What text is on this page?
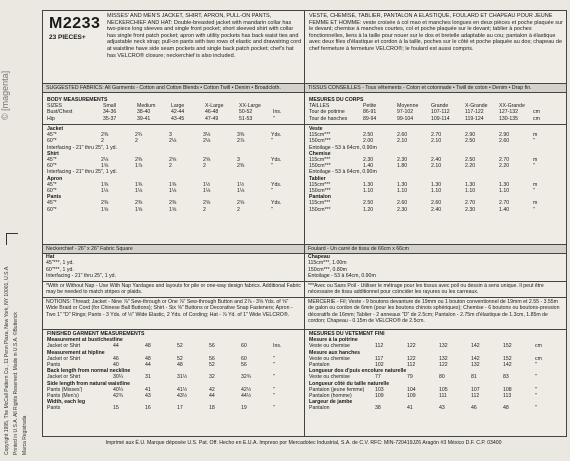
Copyright 1995, The McCall Pattern Co., 11 Penn Plaza, New York, NY 10001, U.S.A. Printed in U.S.A. All Rights Reserved. Made in U.S.A. ©Butterick Marca Registrada
© [magenta]
M2233
23 PIECES+
MISSES' AND MEN'S JACKET, SHIRT, APRON, PULL-ON PANTS, NECKERCHIEF AND HAT: Double-breasted jacket with mandarin collar has two-piece long sleeves and single front pocket; short sleeved shirt with collar has single front patch pocket; apron with utility pockets has back waist ties and adjustable neck strap; pull-on pants with two rows of elastic and drawstring cord at waistline have side seam pockets and single back patch pocket; chef's hat has VELCRO® closure; neckerchief is also included.
SUGGESTED FABRICS: All Garments - Cotton and Cotton Blends • Cotton Twill • Denim • Broadcloth.
BODY MEASUREMENTS						
SIZES	Small	Medium	Large	X-Large	XX-Large	
Bust/Chest	34-36	38-40	42-44	46-48	50-52	Ins.
Hip	35-37	39-41	43-45	47-49	51-53	"
Jacket						
45"*	2⅜	2¾	3	3⅛	3⅜	Yds.
60"*	2	2	2⅛	2⅛	2⅞	"
Interfacing - 21" thru 25", 1 yd.						
Shirt						
45"*	2⅛	2⅜	2⅝	2⅝	3	Yds.
60"*	1⅝	1⅞	2	2	2⅜	"
Interfacing - 21" thru 25", 1 yd.						
Apron						
45"*	1⅜	1⅜	1⅜	1½	1½	Yds.
60"*	1⅛	1⅛	1⅛	1⅛	1⅛	"
Pants						
45"*	2⅜	2⅜	2⅜	2⅝	2⅝	Yds.
60"*	1⅝	1⅝	1⅝	2	2	"
Neckerchief - 26" x 26" Fabric Square
Hat
45"***, 1 yd.
60"***, 1 yd.
Interfacing - 21" thru 25", 1 yd.
*With or Without Nap - Use With Nap Yardages and layouts for pile or one-way design fabrics. Additional Fabric may be needed to match stripes or plaids.
NOTIONS: Thread; Jacket - Nine ⅞" Sew-through or One ⅞" Sew-through Button and 2⅞ - 3⅝ Yds. of ⅝" Wide Braid or Cord (for Chinese Ball Buttons); Shirt - Six ⅝" Buttons or Decorative Snap Fasteners; Apron - Two 1" "D" Rings; Pants - 3 Yds. of ½" Wide Elastic, 2 Yds. of Cording; Hat - ⅞ Yd. of 1" Wide VELCRO®.
FINISHED GARMENT MEASUREMENTS						
Measurement at bust/chestline						
Jacket or Shirt	44	48	52	56	60	Ins.
Measurement at hipline						
Jacket or Shirt	46	48	52	56	60	"
Pants	40	44	48	52	56	"
Back length from normal neckline						
Jacket or Shirt	30¼	31	31½	32	32¾	"
Side length from natural waistline						
Pants (Misses')	40¼	41	41½	42	42½	"
Pants (Men's)	42¾	43	43½	44	44½	"
Width, each leg						
Pants	15	16	17	18	19	"
VESTE, CHEMISE, TABLIER, PANTALON A ELASTIQUE, FOULARD ET CHAPEAU POUR JEUNE FEMME ET HOMME: veste croisée à col mao et manches longues en deux pièces et poche plaquée sur le devant; chemise à manches courtes, col et poche plaquée sur le devant; tablier à poches fonctionnelles, liens à la taille pour nouer sur le dos et bretelle adaptable au cou; pantalon à élastique avec deux files d'élastique et cordon à la taille, poches sur le côté et poche plaquée au dos; chapeau de chef fermeture à fermeture VELCRO®; le foulard est aussi compris.
TISSUS CONSEILLES - Tous vêtements - Coton et cotonnade • Twill de coton • Denim • Drap fin.
MESURES DU CORPS						
TAILLES	Petite	Moyenne	Grande	X-Grande	XX-Grande	
Tour de poitrine	86-91	97-102	107-112	117-122	127-132	cm
Tour de hanches	89-94	99-104	109-114	119-124	130-135	cm
Veste						
115cm***	2.50	2.60	2.70	2.90	2.90	m
150cm***	2.00	2.10	2.10	2.50	2.60	"
Entoilage - 53 à 64cm, 0.90m						
Chemise						
115cm***	2.30	2.30	2.40	2.50	2.70	m
150cm***	1.40	1.80	2.10	2.20	2.20	"
Entoilage - 53 à 64cm, 0.90m						
Tablier						
115cm***	1.30	1.30	1.30	1.30	1.30	m
150cm***	1.10	1.10	1.10	1.10	1.10	"
Pantalon						
115cm***	2.50	2.60	2.60	2.70	2.70	m
150cm***	1.20	2.30	2.40	2.30	1.40	"
Foulard - Un carré de tissu de 66cm x 66cm
Chapeau
115cm***, 1.00m
150cm***, 0.80m
Entoilage - 53 à 64cm, 0.90m
***Avec ou Sans Poil - Utiliser le métrage pour les tissus avec poil ou dessin à sens unique. Il peut être nécessaire de tissu additionnel pour coïncider les rayures ou les carreaux.
MERCERIE - Fil; Veste - 9 boutons devanture de 19mm ou 1 bouton conventionnel de 19mm et 2.55 - 3.55m de galon ou cordon de 6mm (pour les boutons chinois sphériques); Chemise - 6 boutons ou boutons-pression décoratifs de 16mm; Tablier - 2 anneaux "D" de 2.5cm; Pantalon - 2.75m d'élastique de 1.3cm, 1.85m de cordon; Chapeau - 0.15m de VELCRO® de 2.5cm.
MESURES DU VETEMENT FINI						
Mesure à la poitrine						
Veste ou chemise	112	122	132	142	152	cm
Mesure aux hanches						
Veste ou chemise	117	122	132	142	152	cm
Pantalon	102	112	122	132	142	"
Longueur dos d'puis encolure naturelle						
Veste ou chemise	77	79	80	81	83	"
Longueur côté du taille naturelle						
Pantalon (jeune femme)	103	104	105	107	108	"
Pantalon (homme)	109	109	111	112	113	"
Largeur de jambe						
Pantalon	38	41	43	46	48	"
Imprimé aux É.U. Marque déposée U.S. Pat. Off. Hecho en E.U.A. Impreso por Mercadotec Industrial, S.A. de C.V. RFC: MIN-720419JZ6 Aragón #3 México D.F. C.P. 03400
